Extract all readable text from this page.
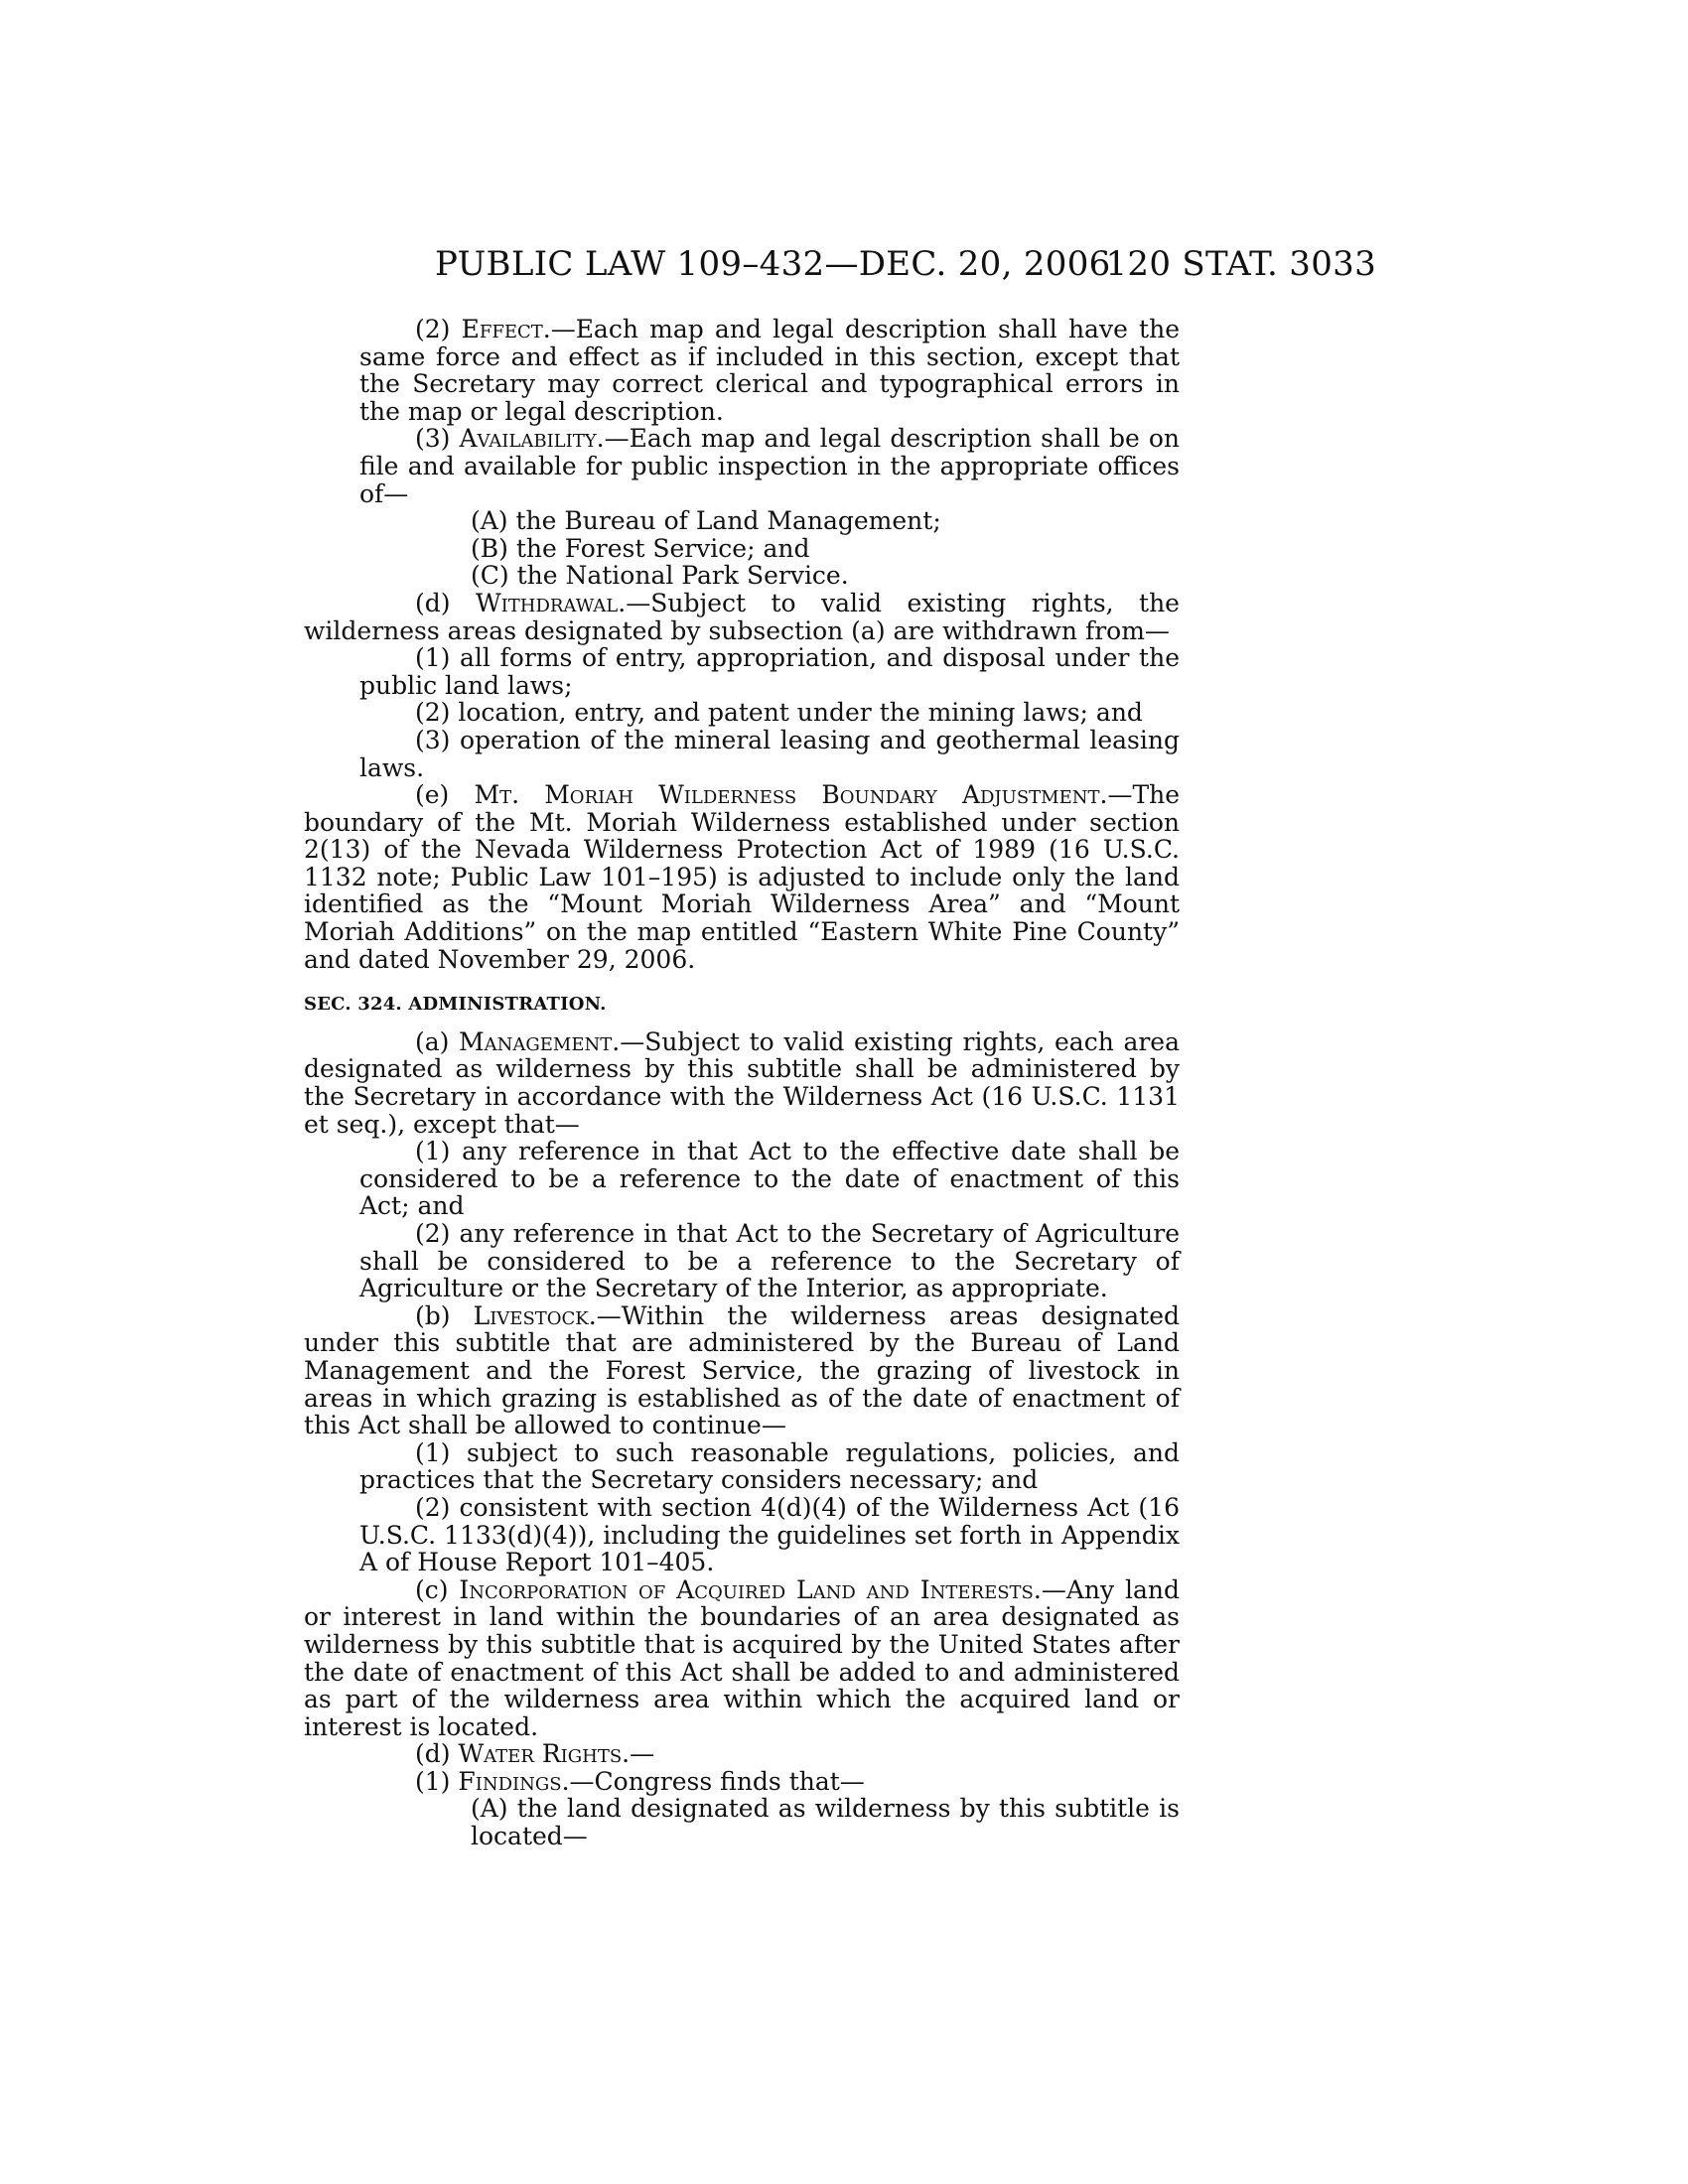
PUBLIC LAW 109–432—DEC. 20, 2006
120 STAT. 3033

(2) Effect.—Each map and legal description shall have the same force and effect as if included in this section, except that the Secretary may correct clerical and typographical errors in the map or legal description.

(3) Availability.—Each map and legal description shall be on file and available for public inspection in the appropriate offices of—

(A) the Bureau of Land Management;

(B) the Forest Service; and

(C) the National Park Service.

(d) Withdrawal.—Subject to valid existing rights, the wilderness areas designated by subsection (a) are withdrawn from—

(1) all forms of entry, appropriation, and disposal under the public land laws;

(2) location, entry, and patent under the mining laws; and

(3) operation of the mineral leasing and geothermal leasing laws.

(e) Mt. Moriah Wilderness Boundary Adjustment.—The boundary of the Mt. Moriah Wilderness established under section 2(13) of the Nevada Wilderness Protection Act of 1989 (16 U.S.C. 1132 note; Public Law 101–195) is adjusted to include only the land identified as the “Mount Moriah Wilderness Area” and “Mount Moriah Additions” on the map entitled “Eastern White Pine County” and dated November 29, 2006.

SEC. 324. ADMINISTRATION.

(a) Management.—Subject to valid existing rights, each area designated as wilderness by this subtitle shall be administered by the Secretary in accordance with the Wilderness Act (16 U.S.C. 1131 et seq.), except that—

(1) any reference in that Act to the effective date shall be considered to be a reference to the date of enactment of this Act; and

(2) any reference in that Act to the Secretary of Agriculture shall be considered to be a reference to the Secretary of Agriculture or the Secretary of the Interior, as appropriate.

(b) Livestock.—Within the wilderness areas designated under this subtitle that are administered by the Bureau of Land Management and the Forest Service, the grazing of livestock in areas in which grazing is established as of the date of enactment of this Act shall be allowed to continue—

(1) subject to such reasonable regulations, policies, and practices that the Secretary considers necessary; and

(2) consistent with section 4(d)(4) of the Wilderness Act (16 U.S.C. 1133(d)(4)), including the guidelines set forth in Appendix A of House Report 101–405.

(c) Incorporation of Acquired Land and Interests.—Any land or interest in land within the boundaries of an area designated as wilderness by this subtitle that is acquired by the United States after the date of enactment of this Act shall be added to and administered as part of the wilderness area within which the acquired land or interest is located.

(d) Water Rights.—

(1) Findings.—Congress finds that—

(A) the land designated as wilderness by this subtitle is located—
